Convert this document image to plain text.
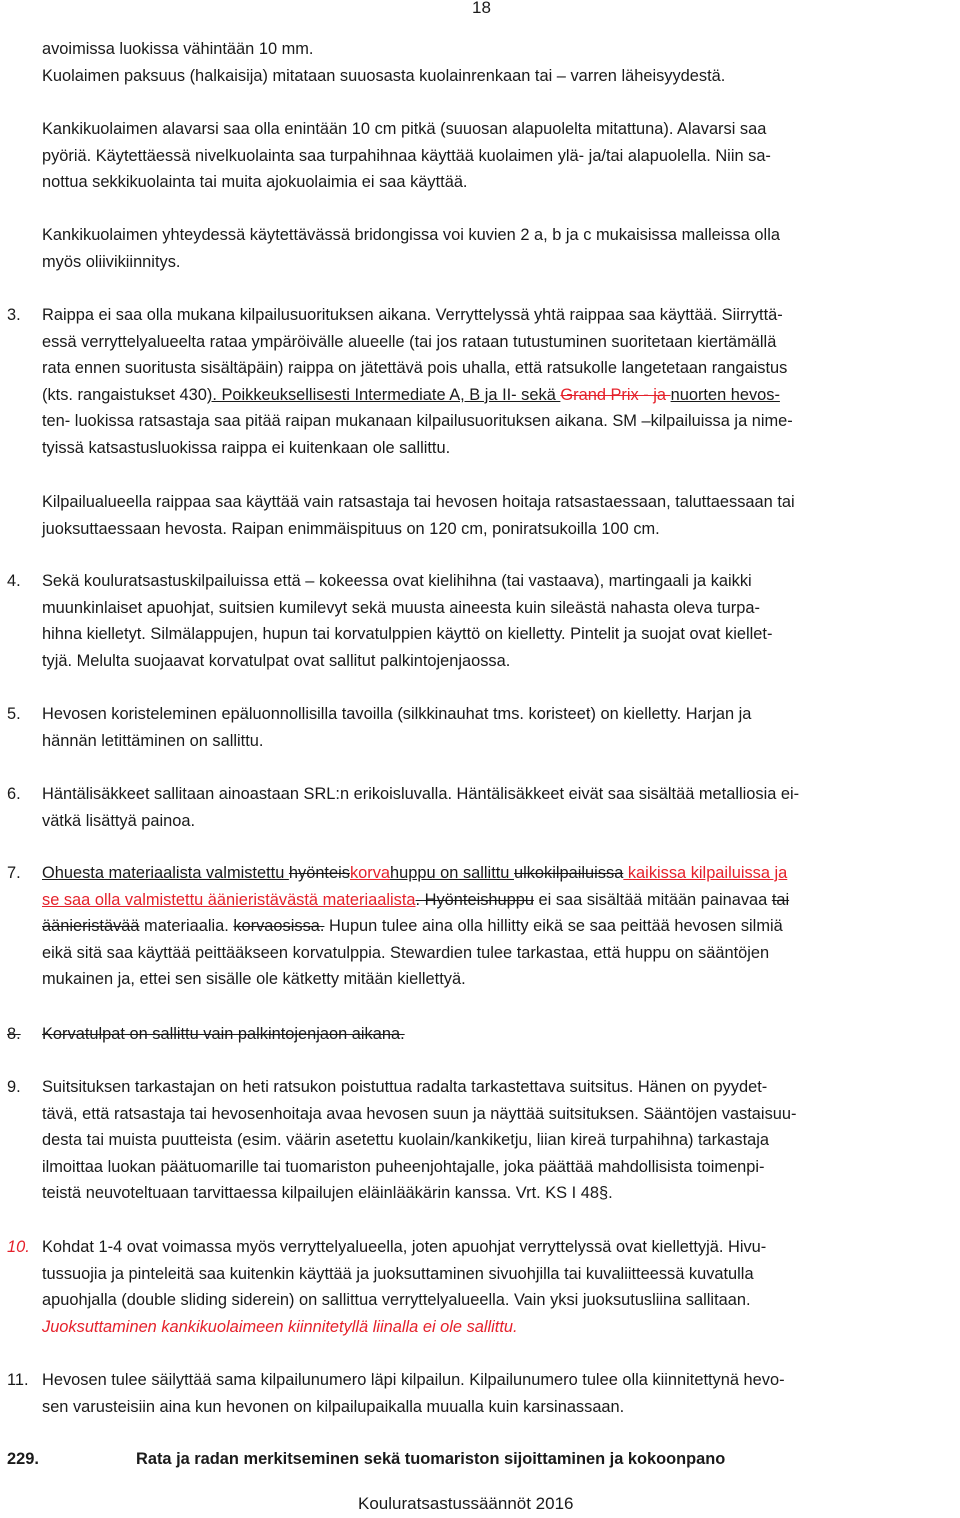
18
avoimissa luokissa vähintään 10 mm.
Kuolaimen paksuus (halkaisija) mitataan suuosasta kuolainrenkaan tai – varren läheisyydestä.
Kankikuolaimen alavarsi saa olla enintään 10 cm pitkä (suuosan alapuolelta mitattuna). Alavarsi saa
pyöriä. Käytettäessä nivelkuolainta saa turpahihnaa käyttää kuolaimen ylä- ja/tai alapuolella. Niin sa-
nottua sekkikuolainta tai muita ajokuolaimia ei saa käyttää.
Kankikuolaimen yhteydessä käytettävässä bridongissa voi kuvien 2 a, b ja c mukaisissa malleissa olla
myös oliivikiinnitys.
3. Raippa ei saa olla mukana kilpailusuorituksen aikana. Verryttelyssä yhtä raippaa saa käyttää. Siirryttä-
essä verryttelyalueelta rataa ympäröivälle alueelle (tai jos rataan tutustuminen suoritetaan kiertämällä
rata ennen suoritusta sisältäpäin) raippa on jätettävä pois uhalla, että ratsukolle langetetaan rangaistus
(kts. rangaistukset 430). Poikkeuksellisesti Intermediate A, B ja II- sekä Grand Prix - ja nuorten hevos-
ten- luokissa ratsastaja saa pitää raipan mukanaan kilpailusuorituksen aikana. SM –kilpailuissa ja nime-
tyissä katsastusluokissa raippa ei kuitenkaan ole sallittu.
Kilpailualueella raippaa saa käyttää vain ratsastaja tai hevosen hoitaja ratsastaessaan, taluttaessaan tai
juoksuttaessaan hevosta. Raipan enimmäispituus on 120 cm, poniratsukoilla 100 cm.
4. Sekä kouluratsastuskilpailuissa että – kokeessa ovat kielihihna (tai vastaava), martingaali ja kaikki
muunkinlaiset apuohjat, suitsien kumilevyt sekä muusta aineesta kuin sileästä nahasta oleva turpa-
hihna kielletyt. Silmälappujen, hupun tai korvatulppien käyttö on kielletty. Pintelit ja suojat ovat kiellet-
tyjä. Melulta suojaavat korvatulpat ovat sallitut palkintojenjaossa.
5. Hevosen koristeleminen epäluonnollisilla tavoilla (silkkinauhat tms. koristeet) on kielletty. Harjan ja
hännän letittäminen on sallittu.
6. Häntälisäkkeet sallitaan ainoastaan SRL:n erikoisluvalla. Häntälisäkkeet eivät saa sisältää metalliosia ei-
vätkä lisättyä painoa.
7. Ohuesta materiaalista valmistettu hyönteiskorvahuppu on sallittu ulkokilpailuissa kaikissa kilpailuissa ja
se saa olla valmistettu äänieristävästä materiaalista. Hyönteishuppu ei saa sisältää mitään painavaa tai
äänieristävää materiaalia. korvaosissa. Hupun tulee aina olla hillitty eikä se saa peittää hevosen silmiä
eikä sitä saa käyttää peittääkseen korvatulppia. Stewardien tulee tarkastaa, että huppu on sääntöjen
mukainen ja, ettei sen sisälle ole kätketty mitään kiellettyä.
8. Korvatulpat on sallittu vain palkintojenjaon aikana.
9. Suitsituksen tarkastajan on heti ratsukon poistuttua radalta tarkastettava suitsitus. Hänen on pyydet-
tävä, että ratsastaja tai hevosenhoitaja avaa hevosen suun ja näyttää suitsituksen. Sääntöjen vastaisuu-
desta tai muista puutteista (esim. väärin asetettu kuolain/kankiketju, liian kireä turpahihna) tarkastaja
ilmoittaa luokan päätuomarille tai tuomariston puheenjohtajalle, joka päättää mahdollisista toimenpi-
teistä neuvoteltuaan tarvittaessa kilpailujen eläinlääkärin kanssa. Vrt. KS I 48§.
10. Kohdat 1-4 ovat voimassa myös verryttelyalueella, joten apuohjat verryttelyssä ovat kiellettyjä. Hivu-
tussuojia ja pinteleitä saa kuitenkin käyttää ja juoksuttaminen sivuohjilla tai kuvaliitteessä kuvatulla
apuohjalla (double sliding siderein) on sallittua verryttelyalueella. Vain yksi juoksutusliina sallitaan.
Juoksuttaminen kankikuolaimeen kiinnitetyllä liinalla ei ole sallittu.
11. Hevosen tulee säilyttää sama kilpailunumero läpi kilpailun. Kilpailunumero tulee olla kiinnitettynä hevo-
sen varusteisiin aina kun hevonen on kilpailupaikalla muualla kuin karsinassaan.
229.	Rata ja radan merkitseminen sekä tuomariston sijoittaminen ja kokoonpano
Kouluratsastussäännöt 2016
